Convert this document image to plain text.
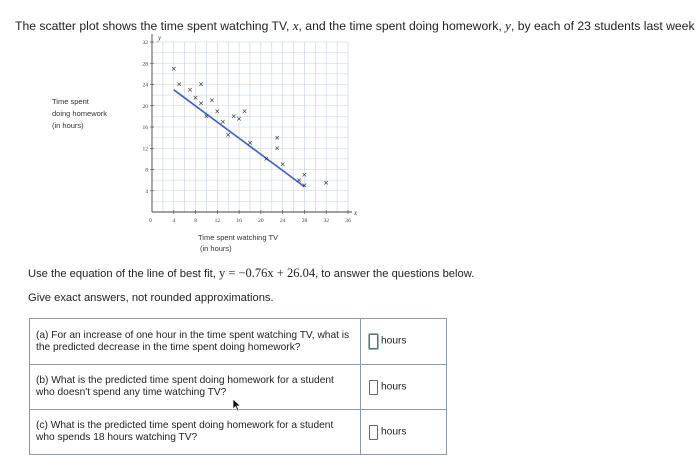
The scatter plot shows the time spent watching TV, x, and the time spent doing homework, y, by each of 23 students last week
Time spent
doing homework
(in hours)
y
x
0	4	8	12	16	20	24	28	32	36
4
8
12
16
20
24
28
32
×
×
×
×
×
×
×
×
×
×
×
× ×
×
×
×
×
×
×
×
×
×
×
Time spent watching TV
(in hours)
Use the equation of the line of best fit, y = −0.76x + 26.04, to answer the questions below.
Give exact answers, not rounded approximations.
(a) For an increase of one hour in the time spent watching TV, what is the predicted decrease in the time spent doing homework?	hours
(b) What is the predicted time spent doing homework for a student who doesn't spend any time watching TV?	hours
(c) What is the predicted time spent doing homework for a student who spends 18 hours watching TV?	hours
